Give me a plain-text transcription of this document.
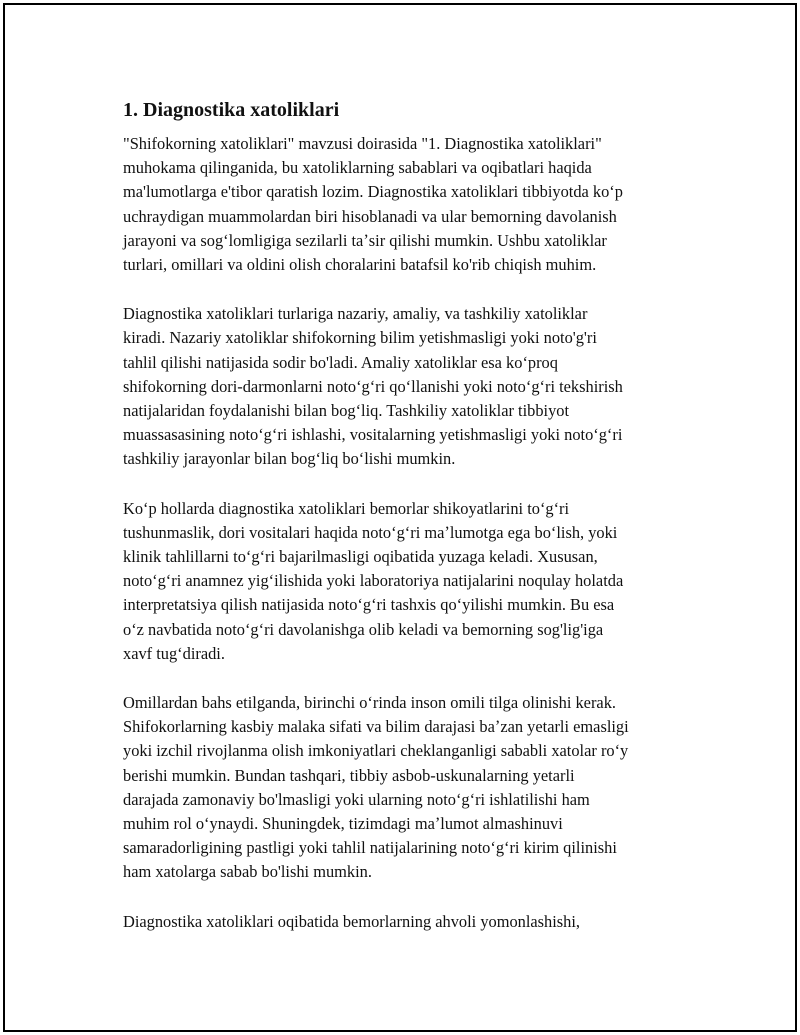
1. Diagnostika xatoliklari

"Shifokorning xatoliklari" mavzusi doirasida "1. Diagnostika xatoliklari"
muhokama qilinganida, bu xatoliklarning sabablari va oqibatlari haqida
ma'lumotlarga e'tibor qaratish lozim. Diagnostika xatoliklari tibbiyotda koʻp
uchraydigan muammolardan biri hisoblanadi va ular bemorning davolanish
jarayoni va sogʻlomligiga sezilarli taʼsir qilishi mumkin. Ushbu xatoliklar
turlari, omillari va oldini olish choralarini batafsil ko'rib chiqish muhim.

Diagnostika xatoliklari turlariga nazariy, amaliy, va tashkiliy xatoliklar
kiradi. Nazariy xatoliklar shifokorning bilim yetishmasligi yoki noto'g'ri
tahlil qilishi natijasida sodir bo'ladi. Amaliy xatoliklar esa koʻproq
shifokorning dori-darmonlarni notoʻgʻri qoʻllanishi yoki notoʻgʻri tekshirish
natijalaridan foydalanishi bilan bogʻliq. Tashkiliy xatoliklar tibbiyot
muassasasining notoʻgʻri ishlashi, vositalarning yetishmasligi yoki notoʻgʻri
tashkiliy jarayonlar bilan bogʻliq boʻlishi mumkin.

Koʻp hollarda diagnostika xatoliklari bemorlar shikoyatlarini toʻgʻri
tushunmaslik, dori vositalari haqida notoʻgʻri maʼlumotga ega boʻlish, yoki
klinik tahlillarni toʻgʻri bajarilmasligi oqibatida yuzaga keladi. Xususan,
notoʻgʻri anamnez yigʻilishida yoki laboratoriya natijalarini noqulay holatda
interpretatsiya qilish natijasida notoʻgʻri tashxis qoʻyilishi mumkin. Bu esa
oʻz navbatida notoʻgʻri davolanishga olib keladi va bemorning sog'lig'iga
xavf tugʻdiradi.

Omillardan bahs etilganda, birinchi oʻrinda inson omili tilga olinishi kerak.
Shifokorlarning kasbiy malaka sifati va bilim darajasi baʼzan yetarli emasligi
yoki izchil rivojlanma olish imkoniyatlari cheklanganligi sababli xatolar roʻy
berishi mumkin. Bundan tashqari, tibbiy asbob-uskunalarning yetarli
darajada zamonaviy bo'lmasligi yoki ularning notoʻgʻri ishlatilishi ham
muhim rol oʻynaydi. Shuningdek, tizimdagi maʼlumot almashinuvi
samaradorligining pastligi yoki tahlil natijalarining notoʻgʻri kirim qilinishi
ham xatolarga sabab bo'lishi mumkin.

Diagnostika xatoliklari oqibatida bemorlarning ahvoli yomonlashishi,
